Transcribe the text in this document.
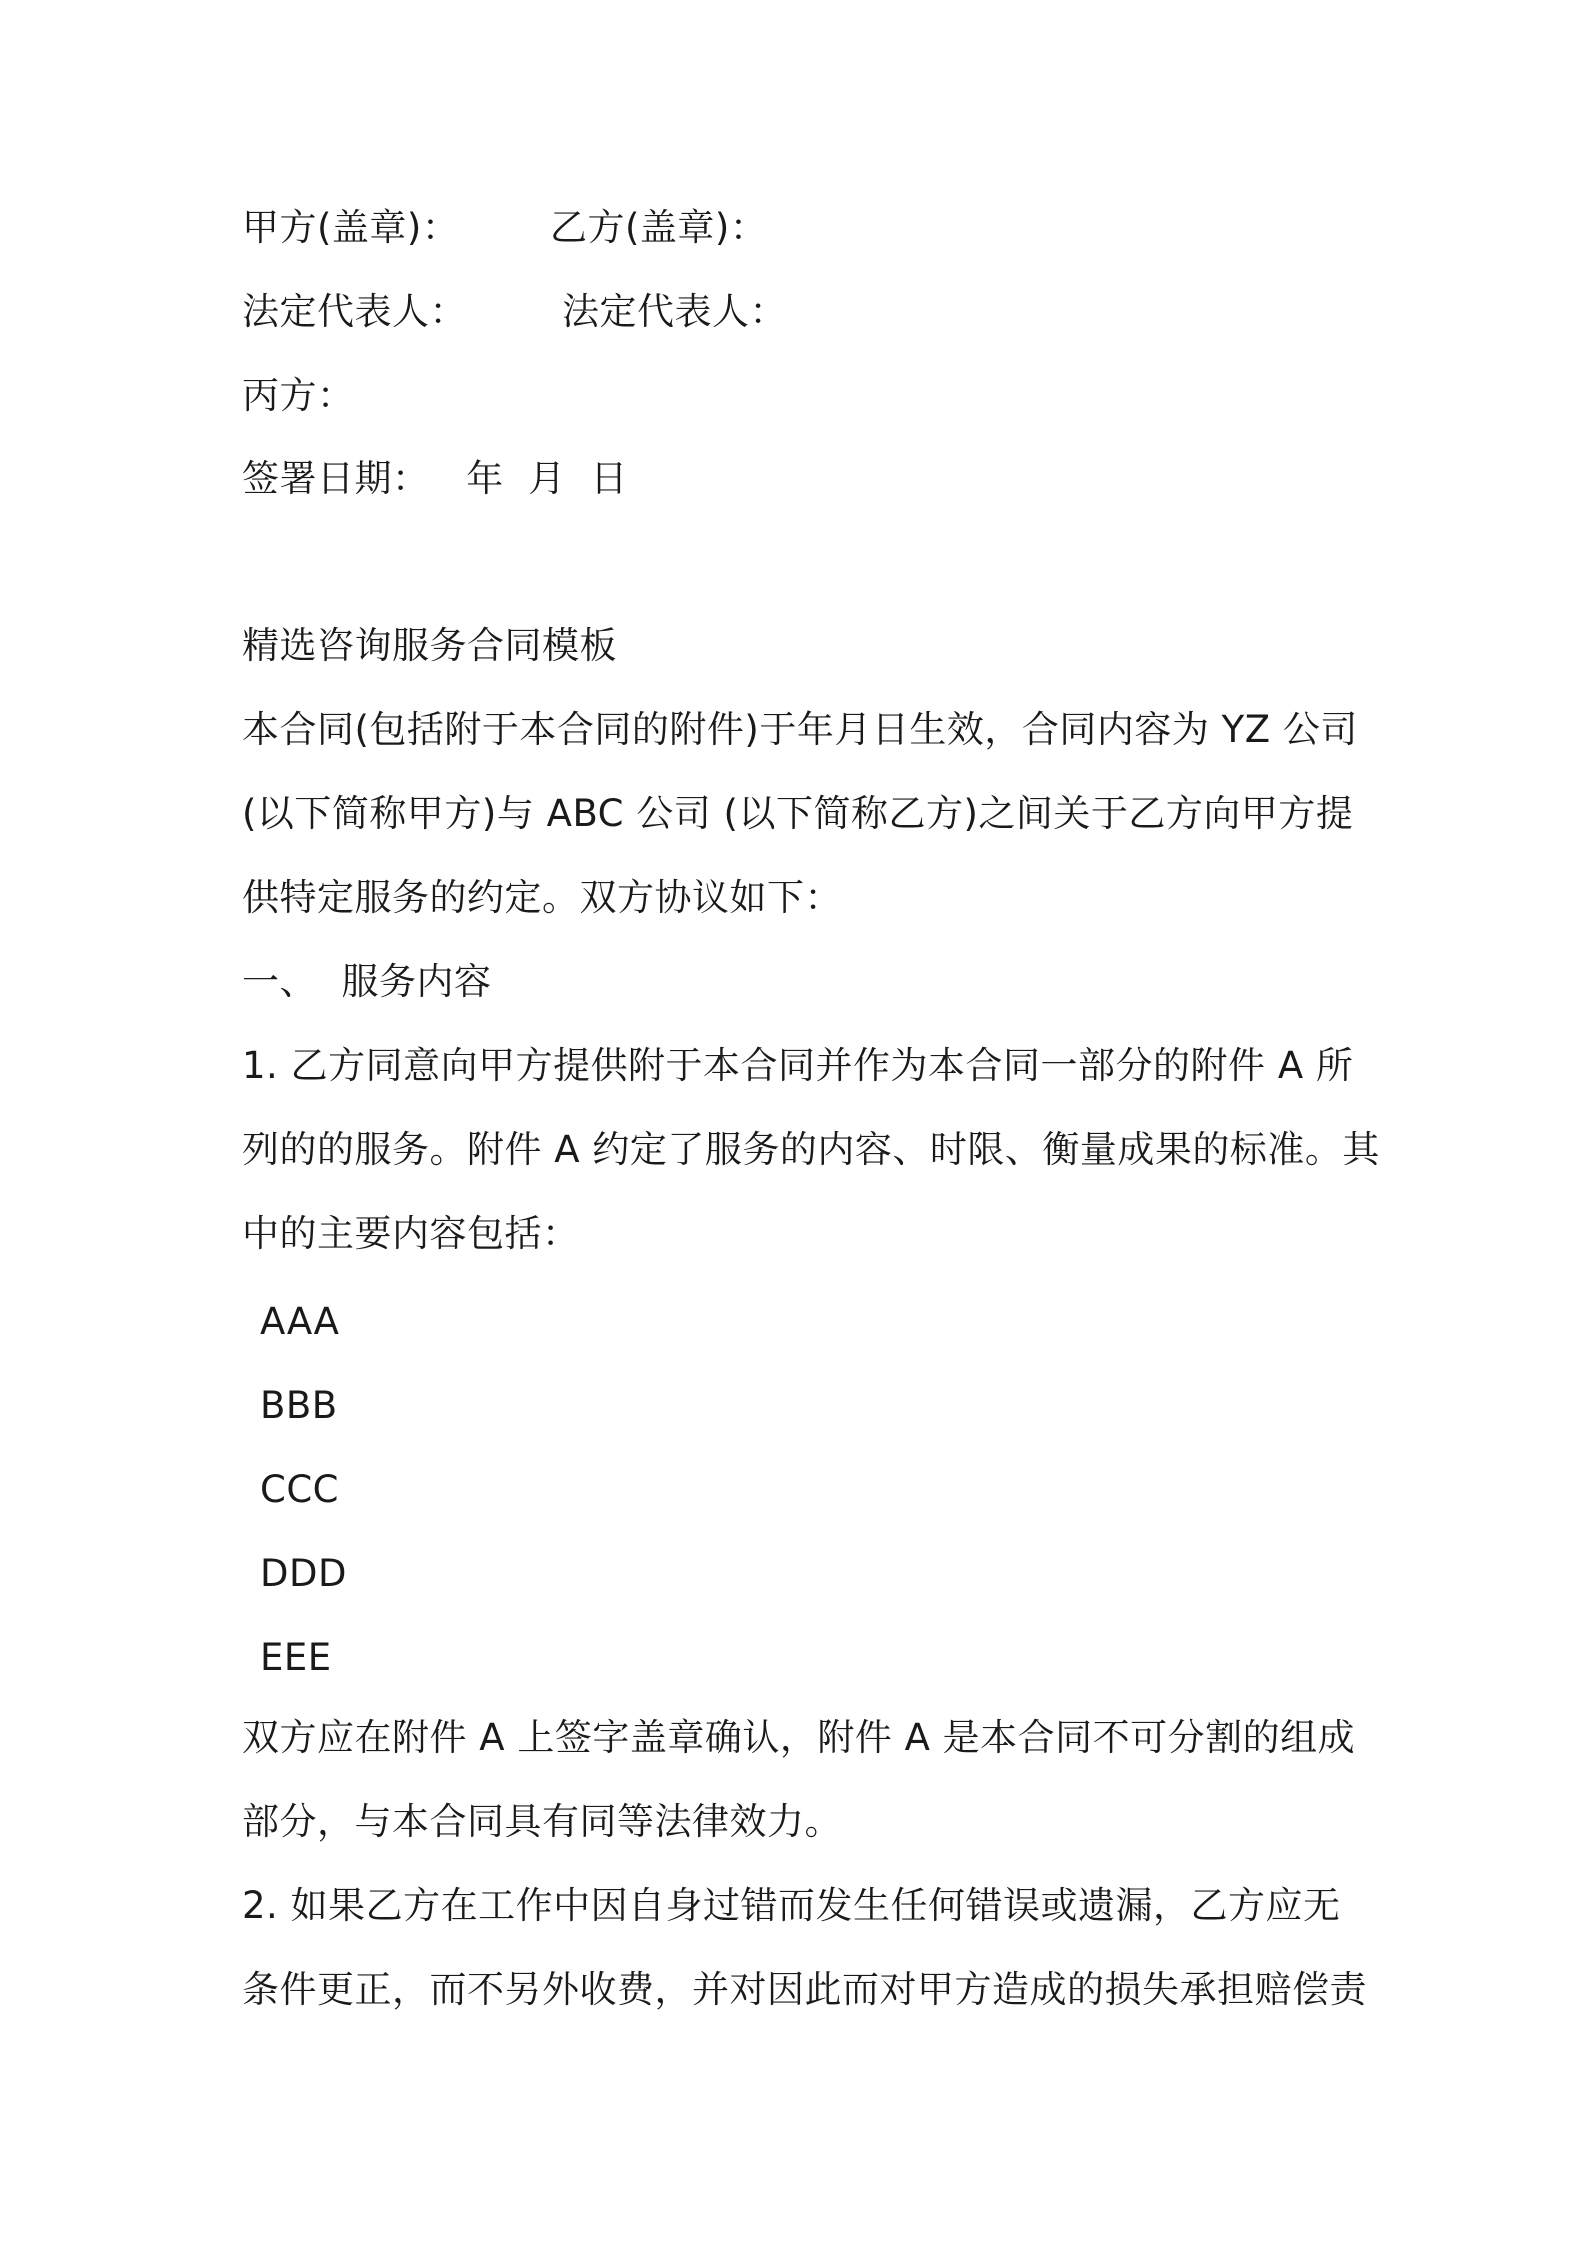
甲方(盖章)： 乙方(盖章)：
法定代表人：	法定代表人：
丙方：
签署日期：   年  月  日
精选咨询服务合同模板
本合同(包括附于本合同的附件)于年月日生效，合同内容为 YZ 公司
(以下简称甲方)与 ABC 公司 (以下简称乙方)之间关于乙方向甲方提
供特定服务的约定。双方协议如下：
一、  服务内容
1. 乙方同意向甲方提供附于本合同并作为本合同一部分的附件 A 所
列的的服务。附件 A 约定了服务的内容、时限、衡量成果的标准。其
中的主要内容包括：
AAA
BBB
CCC
DDD
EEE
双方应在附件 A 上签字盖章确认，附件 A 是本合同不可分割的组成
部分，与本合同具有同等法律效力。
2. 如果乙方在工作中因自身过错而发生任何错误或遗漏，乙方应无
条件更正，而不另外收费，并对因此而对甲方造成的损失承担赔偿责
